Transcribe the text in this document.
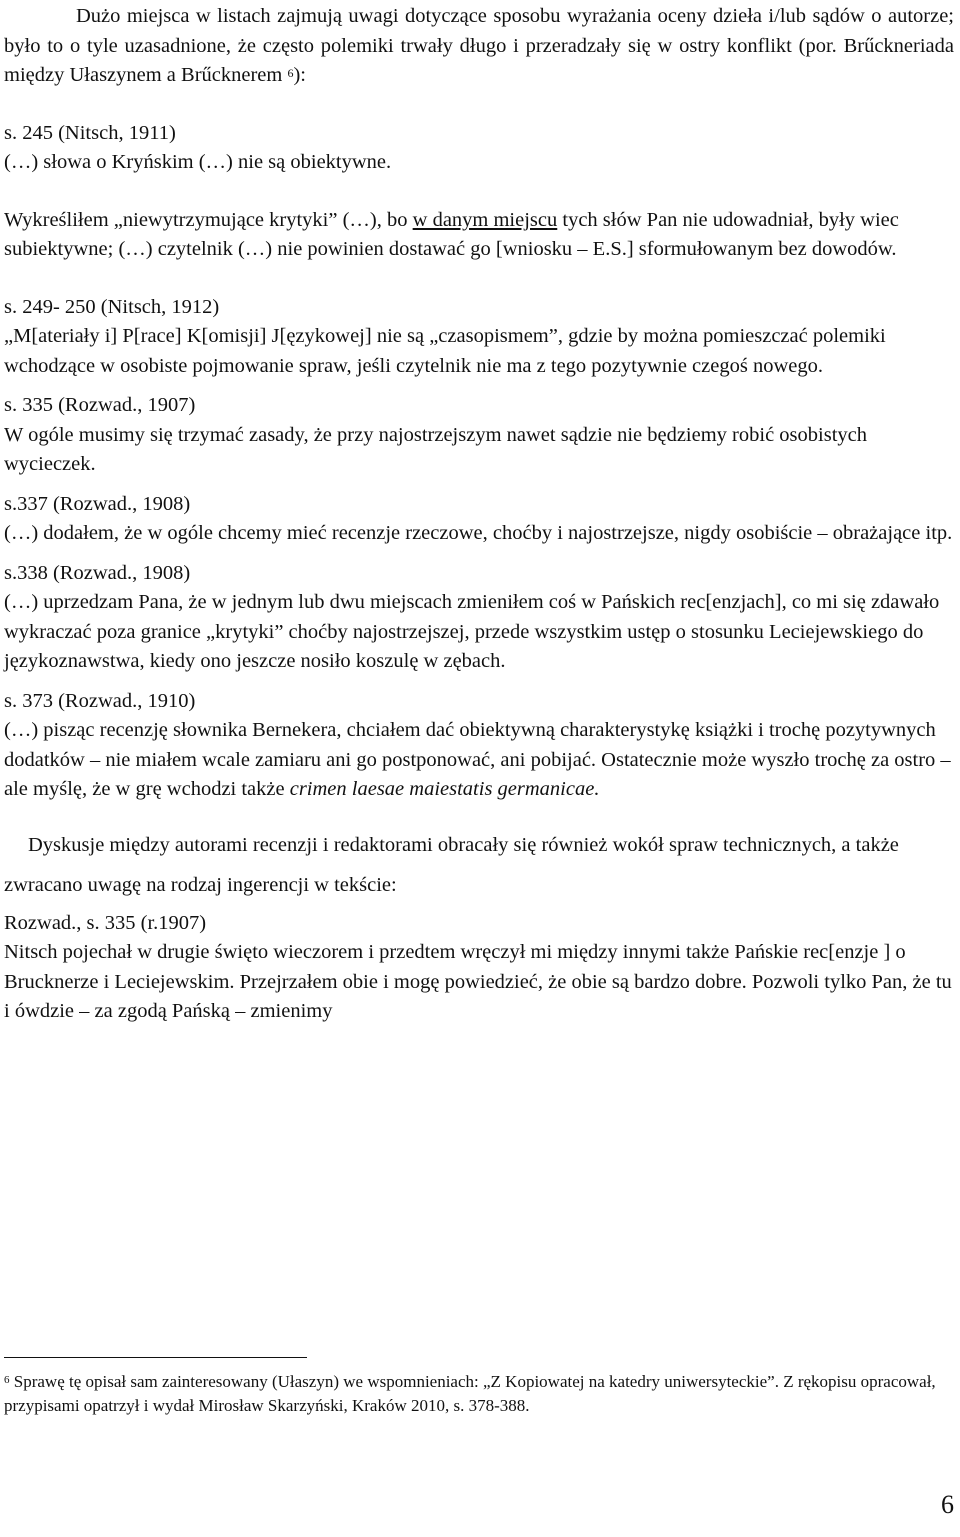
Dużo miejsca w listach zajmują uwagi dotyczące sposobu wyrażania oceny dzieła i/lub sądów o autorze; było to o tyle uzasadnione, że często polemiki trwały długo i przeradzały się w ostry konflikt (por. Brűckneriada między Ułaszynem a Brűcknerem $^6$):

s. 245 (Nitsch, 1911)

(…) słowa o Kryńskim (…) nie są obiektywne.

Wykreśliłem „niewytrzymujące krytyki” (…), bo w danym miejscu tych słów Pan nie udowadniał, były wiec subiektywne; (…) czytelnik (…) nie powinien dostawać go [wniosku – E.S.] sformułowanym bez dowodów.

s. 249- 250 (Nitsch, 1912)

„M[ateriały i] P[race] K[omisji] J[ęzykowej] nie są „czasopismem”, gdzie by można pomieszczać polemiki wchodzące w osobiste pojmowanie spraw, jeśli czytelnik nie ma z tego pozytywnie czegoś nowego.

s. 335 (Rozwad., 1907)

W ogóle musimy się trzymać zasady, że przy najostrzejszym nawet sądzie nie będziemy robić osobistych wycieczek.

s.337 (Rozwad., 1908)

(…) dodałem, że w ogóle chcemy mieć recenzje rzeczowe, choćby i najostrzejsze, nigdy osobiście – obrażające itp.

s.338 (Rozwad., 1908)

(…) uprzedzam Pana, że w jednym lub dwu miejscach zmieniłem coś w Pańskich rec[enzjach], co mi się zdawało wykraczać poza granice „krytyki” choćby najostrzejszej, przede wszystkim ustęp o stosunku Leciejewskiego do językoznawstwa, kiedy ono jeszcze nosiło koszulę w zębach.

s. 373 (Rozwad., 1910)

(…) pisząc recenzję słownika Bernekera, chciałem dać obiektywną charakterystykę książki i trochę pozytywnych dodatków – nie miałem wcale zamiaru ani go postponować, ani pobijać. Ostatecznie może wyszło trochę za ostro – ale myślę, że w grę wchodzi także crimen laesae maiestatis germanicae.

Dyskusje między autorami recenzji i redaktorami obracały się również wokół spraw technicznych, a także zwracano uwagę na rodzaj ingerencji w tekście:

Rozwad., s. 335 (r.1907)

Nitsch pojechał w drugie święto wieczorem i przedtem wręczył mi między innymi także Pańskie rec[enzje ] o Brucknerze i Leciejewskim. Przejrzałem obie i mogę powiedzieć, że obie są bardzo dobre. Pozwoli tylko Pan, że tu i ówdzie – za zgodą Pańską – zmienimy

$^6$ Sprawę tę opisał sam zainteresowany (Ułaszyn) we wspomnieniach: „Z Kopiowatej na katedry uniwersyteckie”. Z rękopisu opracował, przypisami opatrzył i wydał Mirosław Skarzyński, Kraków 2010, s. 378-388.

6
